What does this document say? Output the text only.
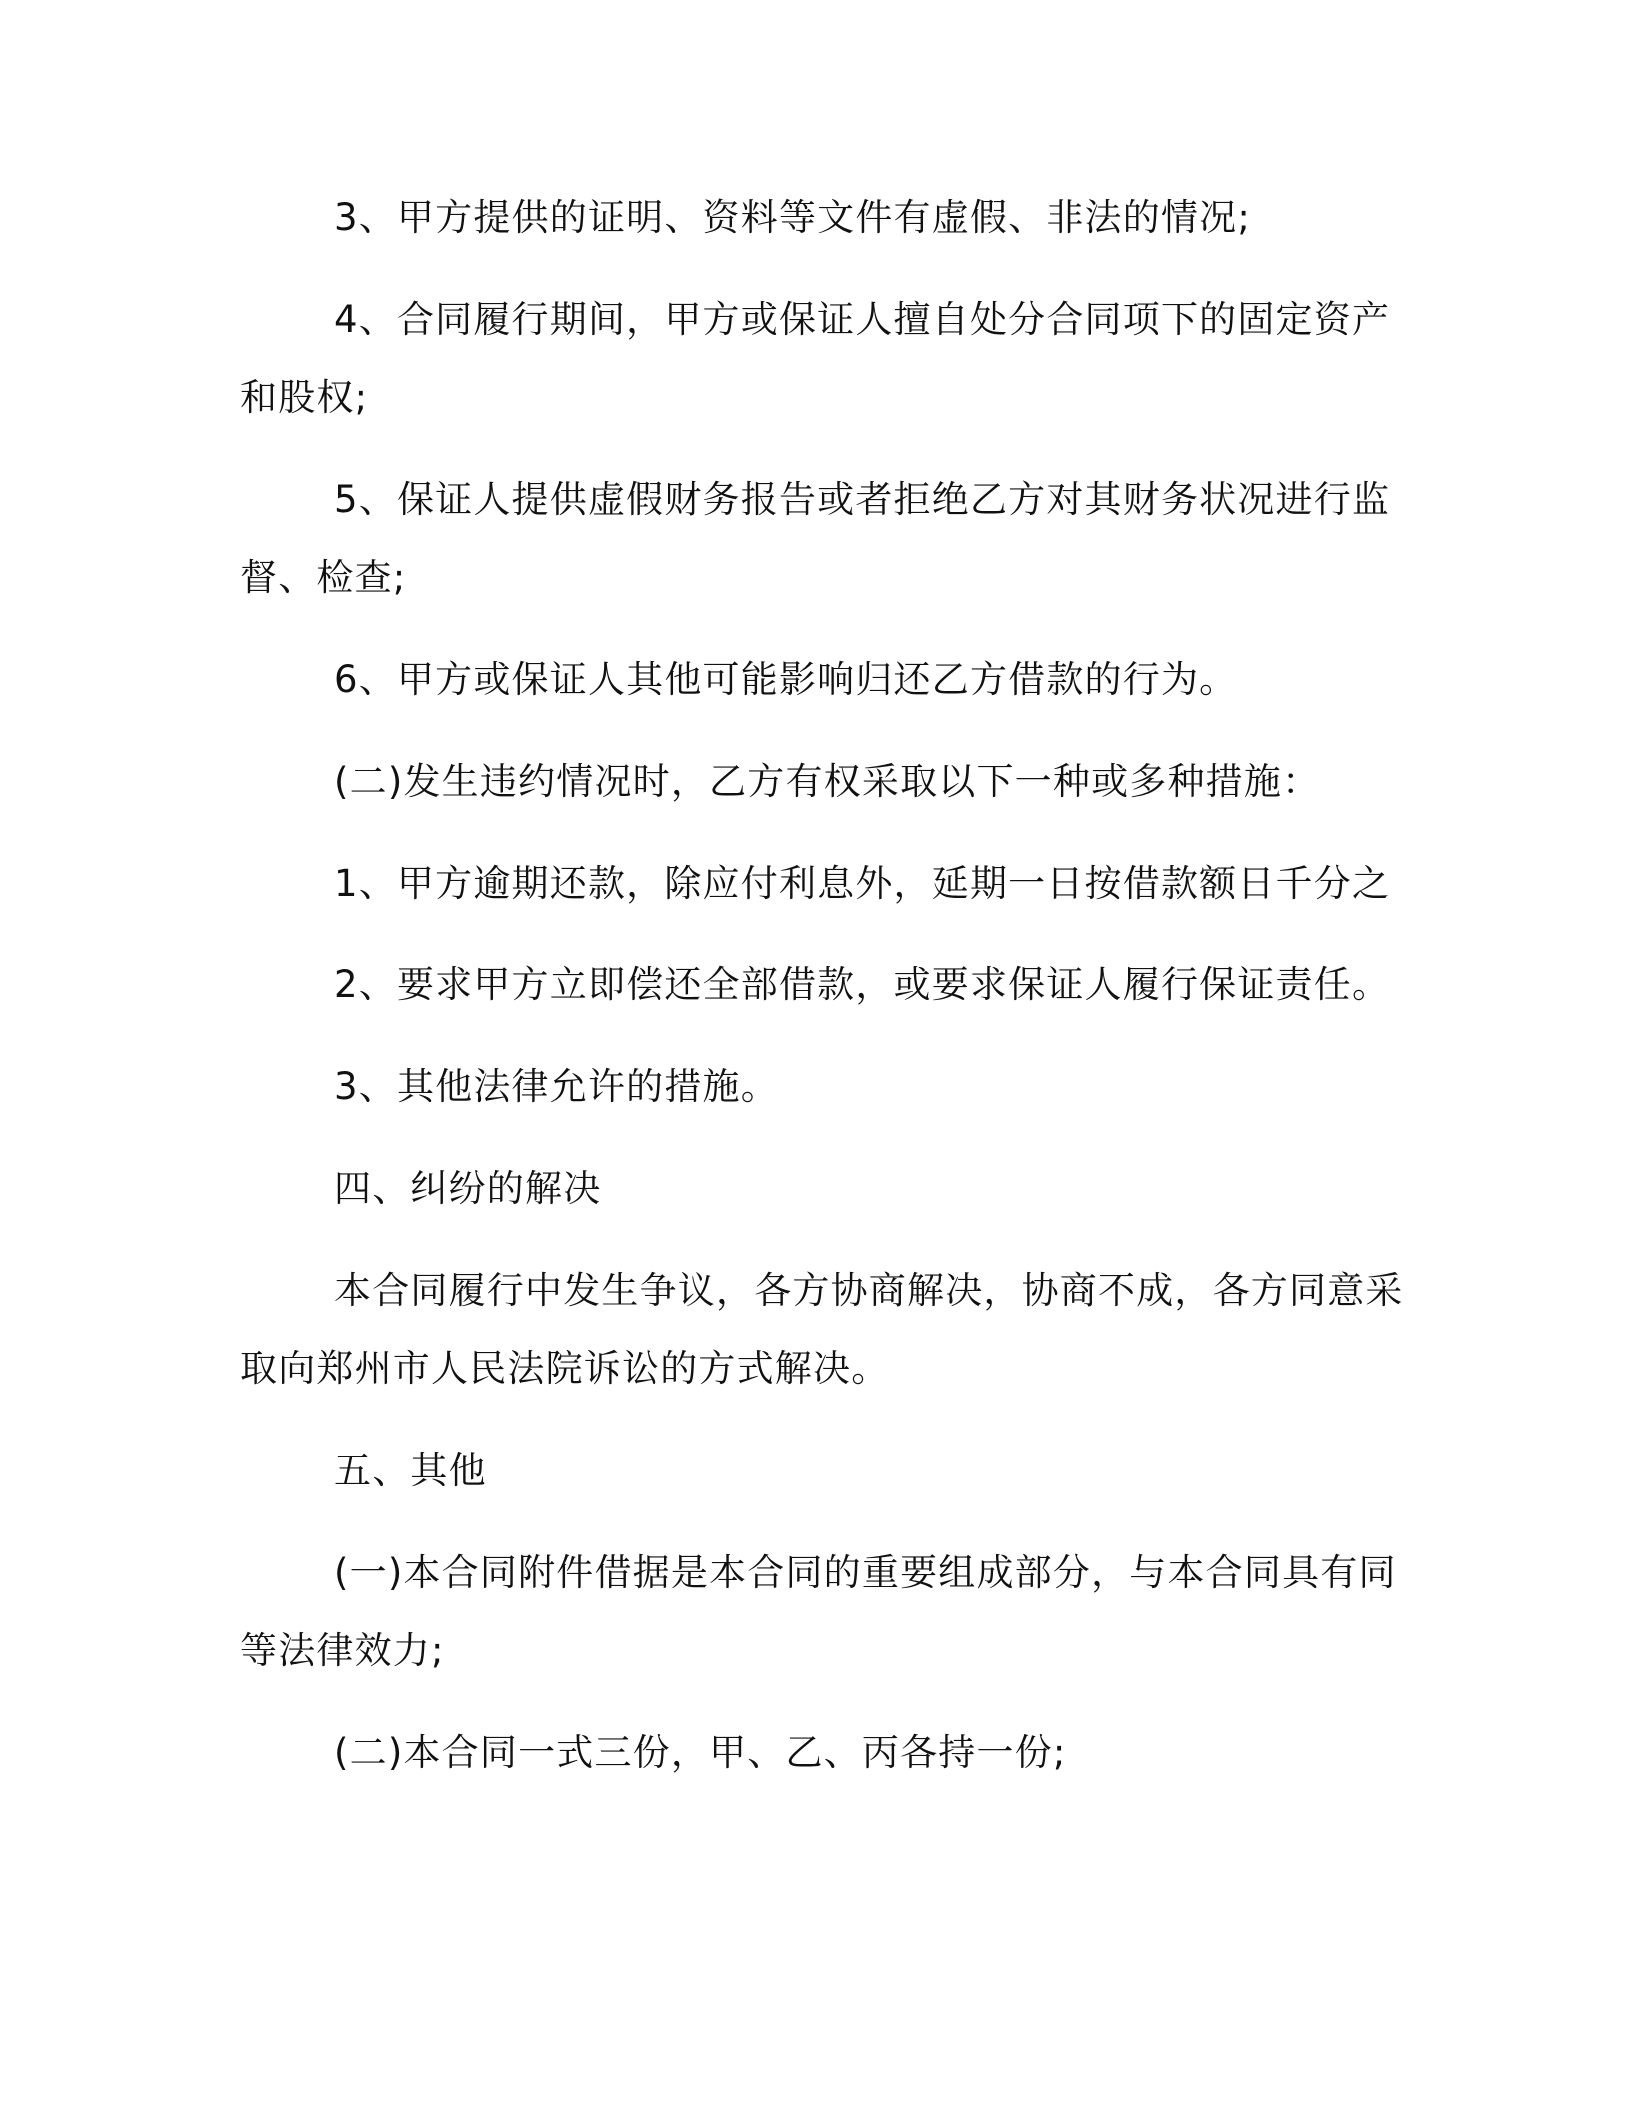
3、甲方提供的证明、资料等文件有虚假、非法的情况;
4、合同履行期间，甲方或保证人擅自处分合同项下的固定资产
和股权;
5、保证人提供虚假财务报告或者拒绝乙方对其财务状况进行监
督、检查;
6、甲方或保证人其他可能影响归还乙方借款的行为。
(二)发生违约情况时，乙方有权采取以下一种或多种措施：
1、甲方逾期还款，除应付利息外，延期一日按借款额日千分之
2、要求甲方立即偿还全部借款，或要求保证人履行保证责任。
3、其他法律允许的措施。
四、纠纷的解决
本合同履行中发生争议，各方协商解决，协商不成，各方同意采
取向郑州市人民法院诉讼的方式解决。
五、其他
(一)本合同附件借据是本合同的重要组成部分，与本合同具有同
等法律效力;
(二)本合同一式三份，甲、乙、丙各持一份;
